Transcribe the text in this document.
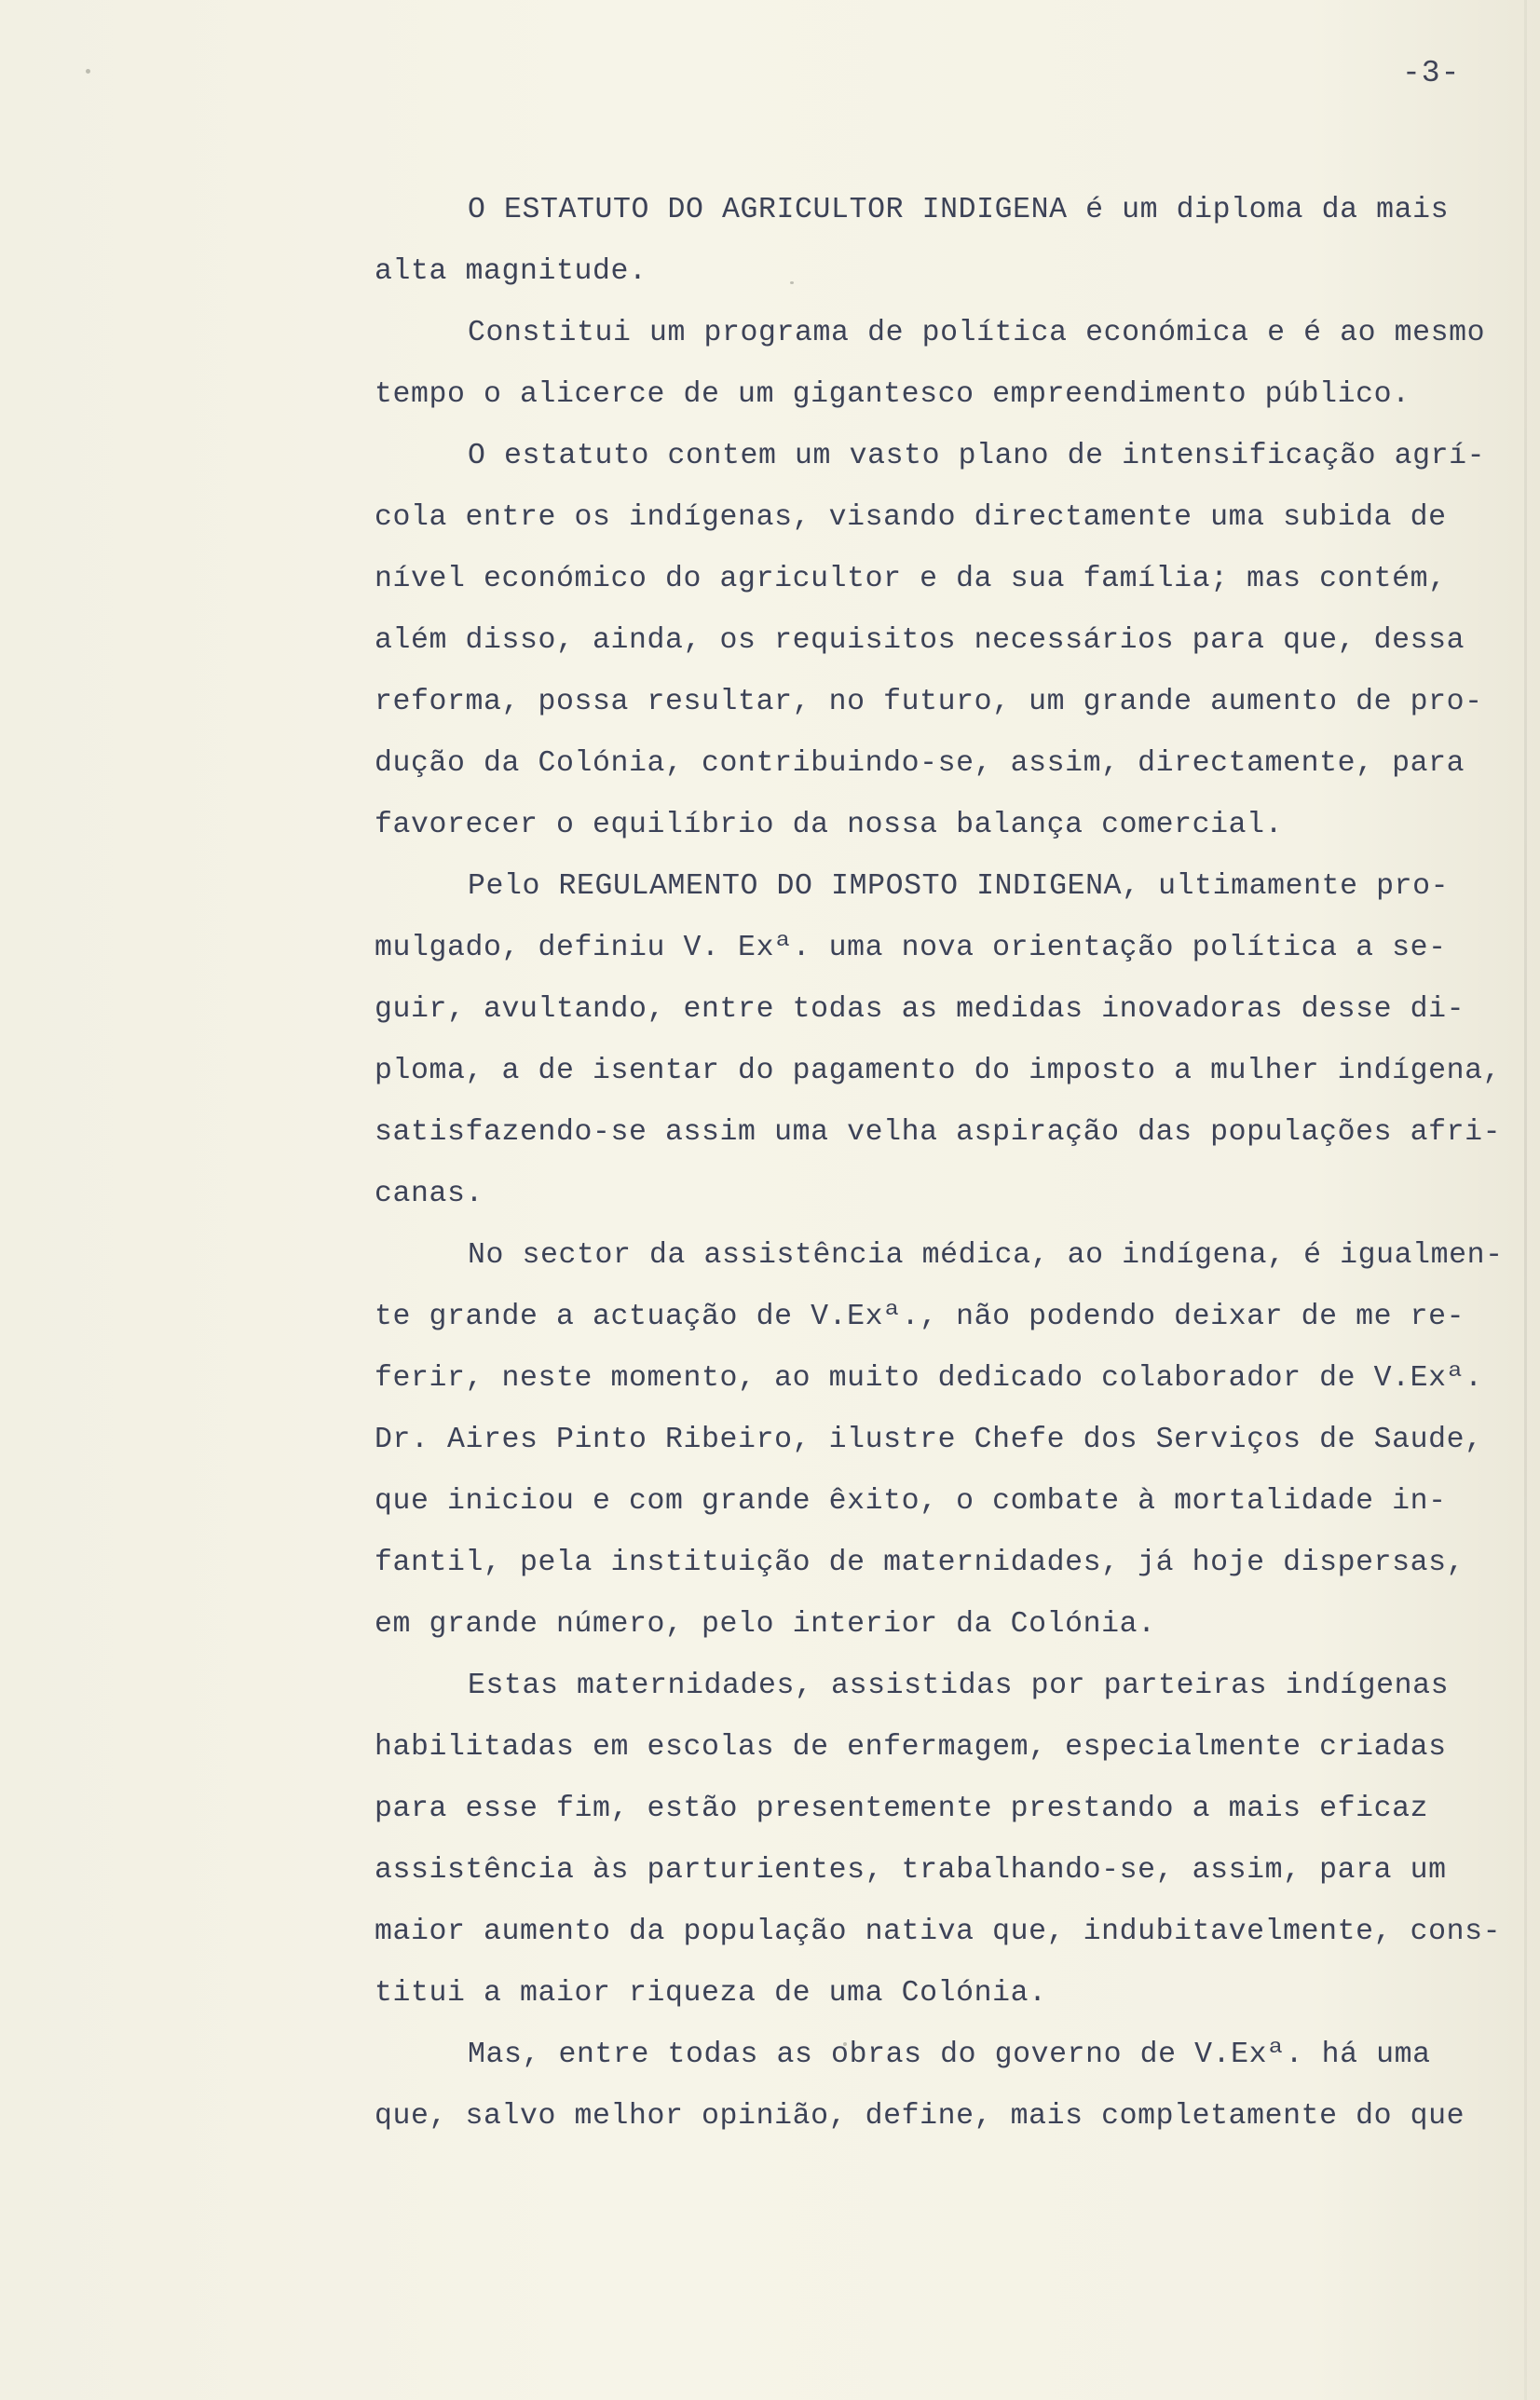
-3-
O ESTATUTO DO AGRICULTOR INDIGENA é um diploma da mais
alta magnitude.
Constitui um programa de política económica e é ao mesmo
tempo o alicerce de um gigantesco empreendimento público.
O estatuto contem um vasto plano de intensificação agrí-
cola entre os indígenas, visando directamente uma subida de
nível económico do agricultor e da sua família; mas contém,
além disso, ainda, os requisitos necessários para que, dessa
reforma, possa resultar, no futuro, um grande aumento de pro-
dução da Colónia, contribuindo-se, assim, directamente, para
favorecer o equilíbrio da nossa balança comercial.
Pelo REGULAMENTO DO IMPOSTO INDIGENA, ultimamente pro-
mulgado, definiu V. Exª. uma nova orientação política a se-
guir, avultando, entre todas as medidas inovadoras desse di-
ploma, a de isentar do pagamento do imposto a mulher indígena,
satisfazendo-se assim uma velha aspiração das populações afri-
canas.
No sector da assistência médica, ao indígena, é igualmen-
te grande a actuação de V.Exª., não podendo deixar de me re-
ferir, neste momento, ao muito dedicado colaborador de V.Exª.
Dr. Aires Pinto Ribeiro, ilustre Chefe dos Serviços de Saude,
que iniciou e com grande êxito, o combate à mortalidade in-
fantil, pela instituição de maternidades, já hoje dispersas,
em grande número, pelo interior da Colónia.
Estas maternidades, assistidas por parteiras indígenas
habilitadas em escolas de enfermagem, especialmente criadas
para esse fim, estão presentemente prestando a mais eficaz
assistência às parturientes, trabalhando-se, assim, para um
maior aumento da população nativa que, indubitavelmente, cons-
titui a maior riqueza de uma Colónia.
Mas, entre todas as obras do governo de V.Exª. há uma
que, salvo melhor opinião, define, mais completamente do que
